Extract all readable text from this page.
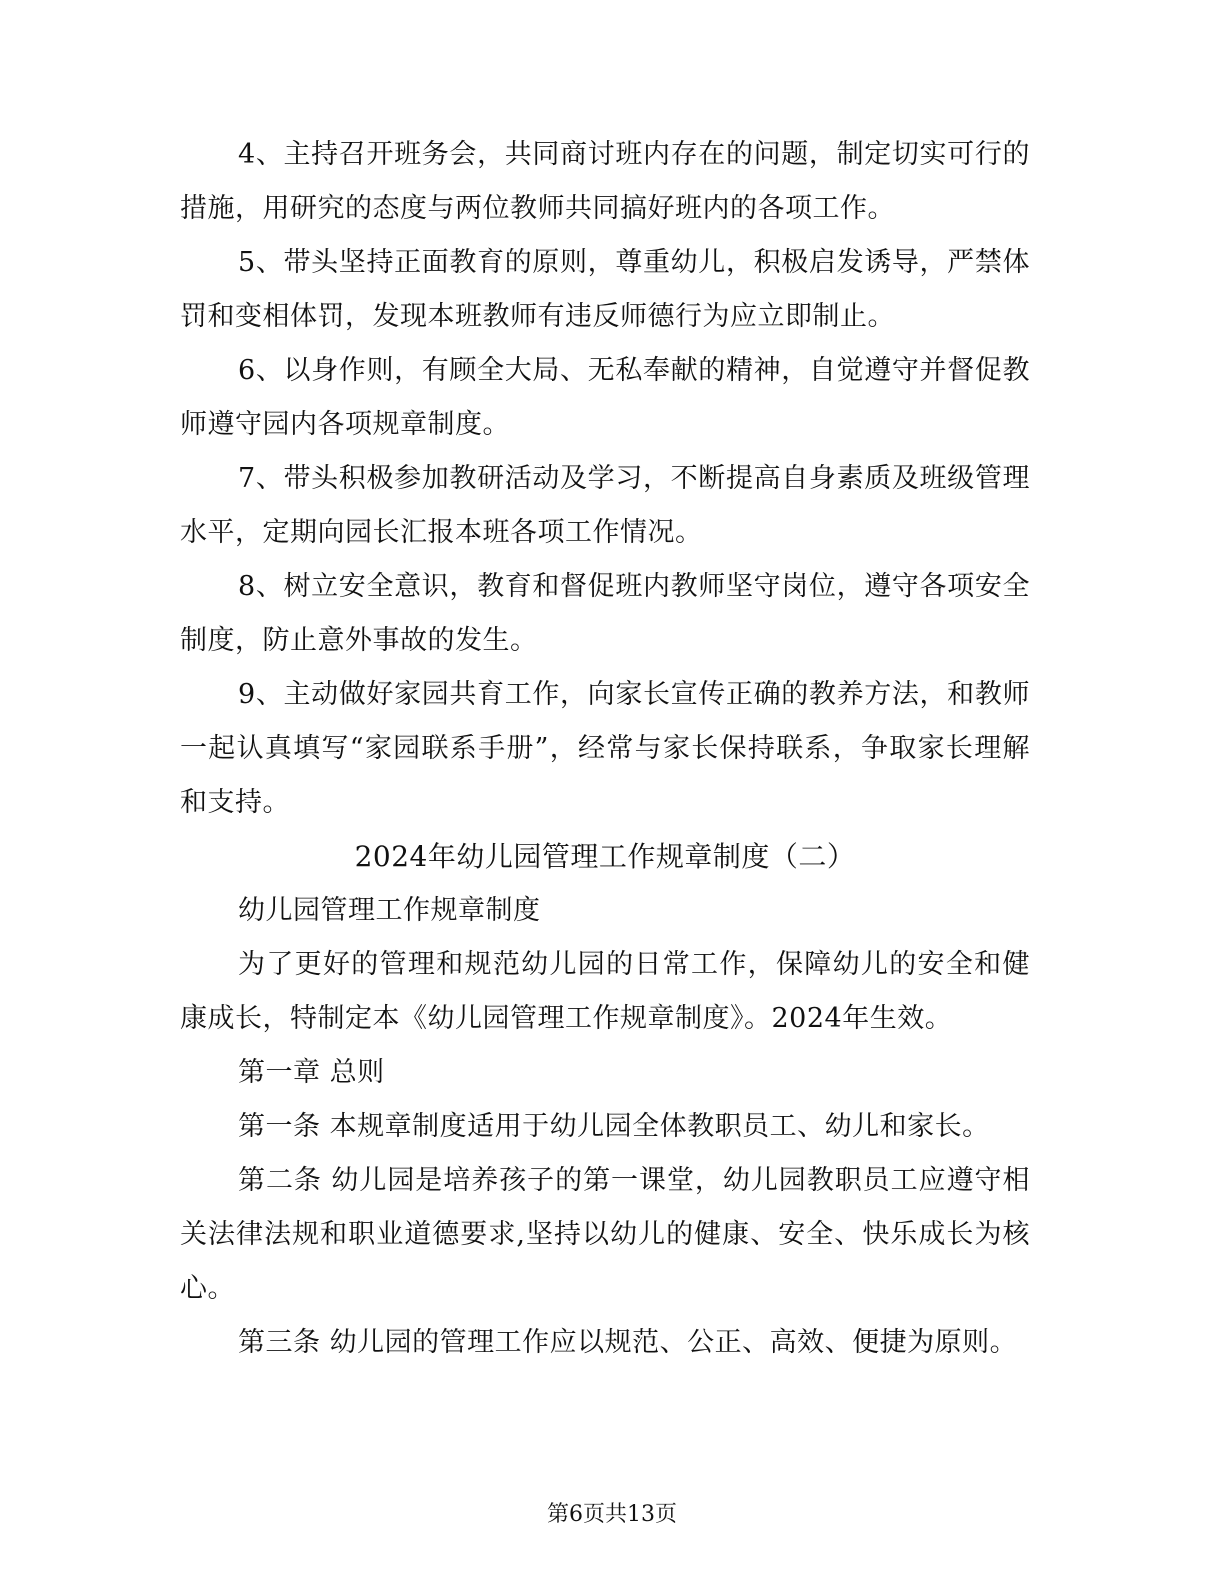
4、主持召开班务会，共同商讨班内存在的问题，制定切实可行的措施，用研究的态度与两位教师共同搞好班内的各项工作。

5、带头坚持正面教育的原则，尊重幼儿，积极启发诱导，严禁体罚和变相体罚，发现本班教师有违反师德行为应立即制止。

6、以身作则，有顾全大局、无私奉献的精神，自觉遵守并督促教师遵守园内各项规章制度。

7、带头积极参加教研活动及学习，不断提高自身素质及班级管理水平，定期向园长汇报本班各项工作情况。

8、树立安全意识，教育和督促班内教师坚守岗位，遵守各项安全制度，防止意外事故的发生。

9、主动做好家园共育工作，向家长宣传正确的教养方法，和教师一起认真填写“家园联系手册”，经常与家长保持联系，争取家长理解和支持。

2024年幼儿园管理工作规章制度（二）

幼儿园管理工作规章制度

为了更好的管理和规范幼儿园的日常工作，保障幼儿的安全和健康成长，特制定本《幼儿园管理工作规章制度》。2024年生效。

第一章 总则

第一条 本规章制度适用于幼儿园全体教职员工、幼儿和家长。

第二条 幼儿园是培养孩子的第一课堂，幼儿园教职员工应遵守相关法律法规和职业道德要求,坚持以幼儿的健康、安全、快乐成长为核心。

第三条 幼儿园的管理工作应以规范、公正、高效、便捷为原则。

第6页共13页
